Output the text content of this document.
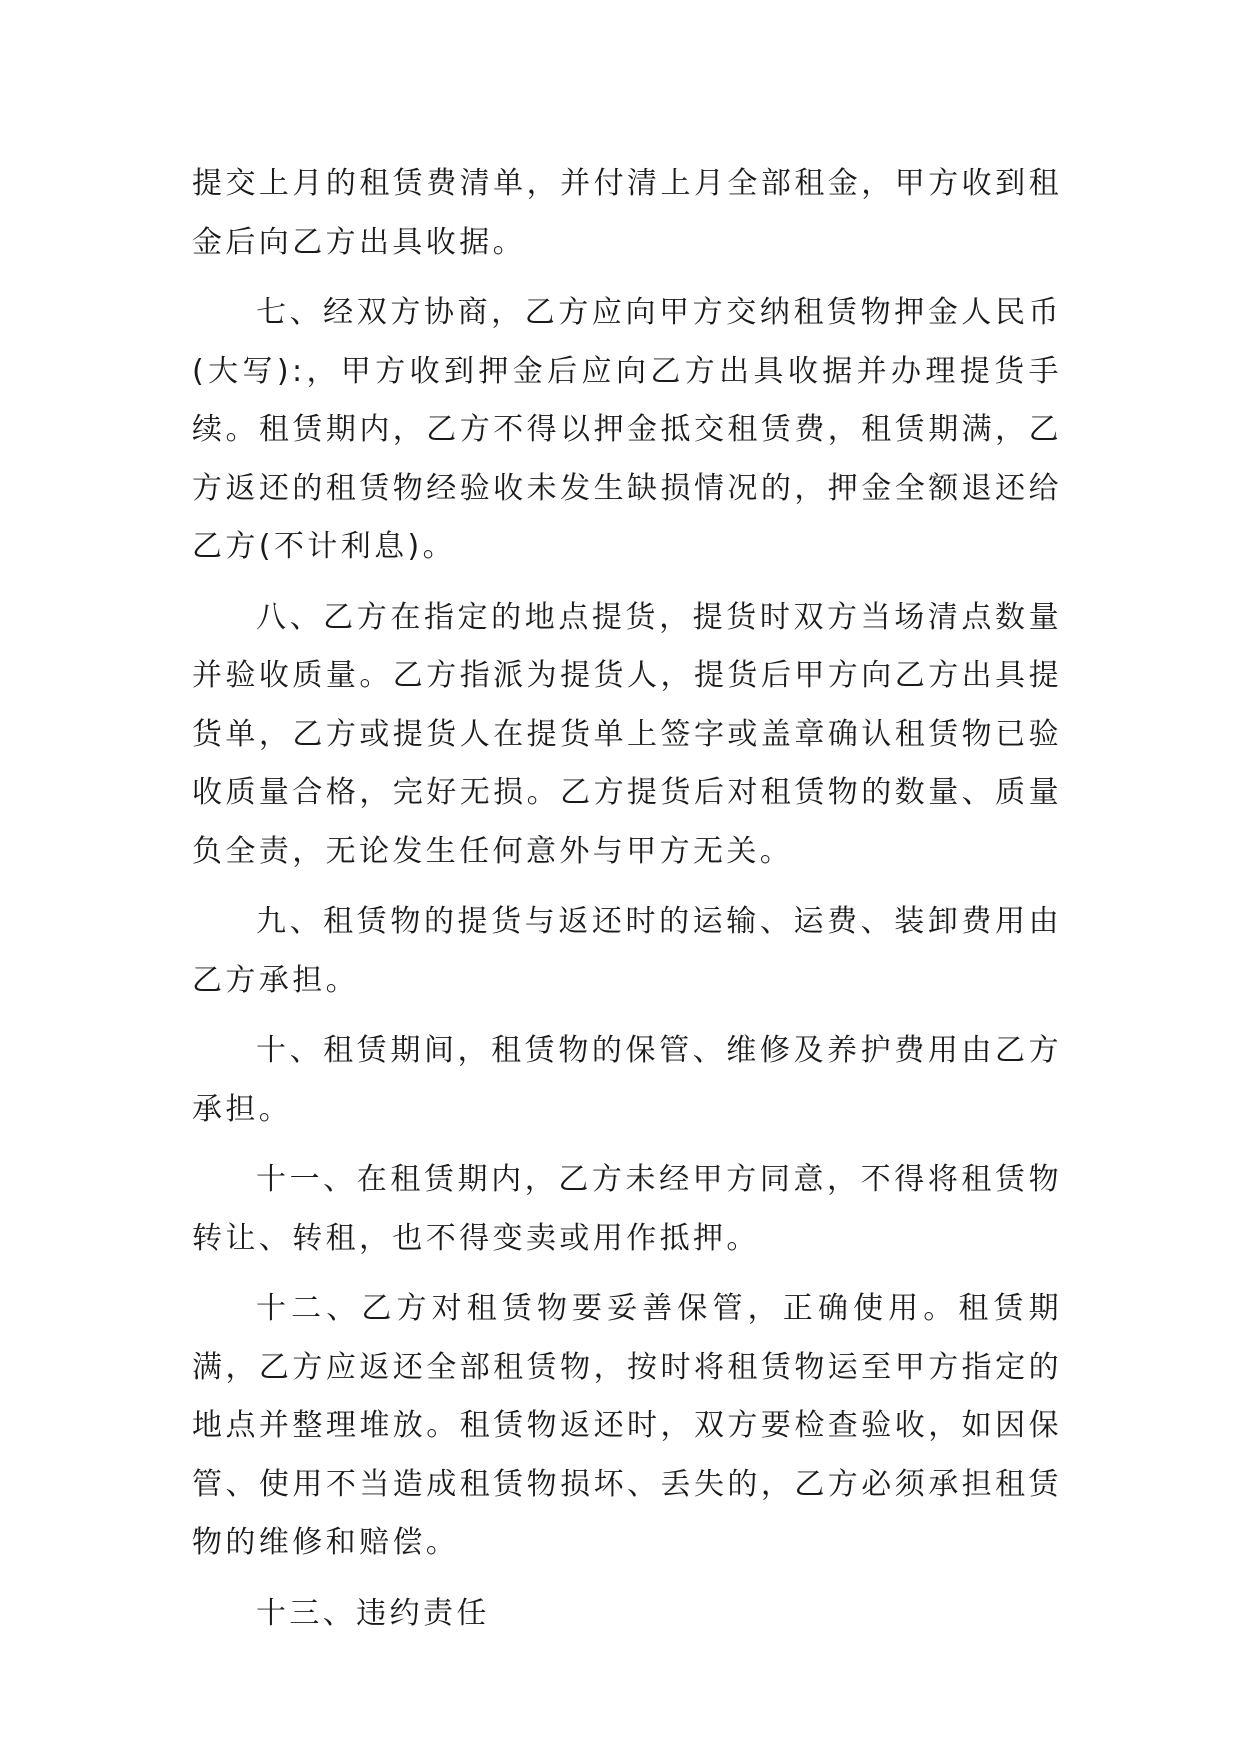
提交上月的租赁费清单，并付清上月全部租金，甲方收到租金后向乙方出具收据。

七、经双方协商，乙方应向甲方交纳租赁物押金人民币(大写):，甲方收到押金后应向乙方出具收据并办理提货手续。租赁期内，乙方不得以押金抵交租赁费，租赁期满，乙方返还的租赁物经验收未发生缺损情况的，押金全额退还给乙方(不计利息)。

八、乙方在指定的地点提货，提货时双方当场清点数量并验收质量。乙方指派为提货人，提货后甲方向乙方出具提货单，乙方或提货人在提货单上签字或盖章确认租赁物已验收质量合格，完好无损。乙方提货后对租赁物的数量、质量负全责，无论发生任何意外与甲方无关。

九、租赁物的提货与返还时的运输、运费、装卸费用由乙方承担。

十、租赁期间，租赁物的保管、维修及养护费用由乙方承担。

十一、在租赁期内，乙方未经甲方同意，不得将租赁物转让、转租，也不得变卖或用作抵押。

十二、乙方对租赁物要妥善保管，正确使用。租赁期满，乙方应返还全部租赁物，按时将租赁物运至甲方指定的地点并整理堆放。租赁物返还时，双方要检查验收，如因保管、使用不当造成租赁物损坏、丢失的，乙方必须承担租赁物的维修和赔偿。

十三、违约责任
